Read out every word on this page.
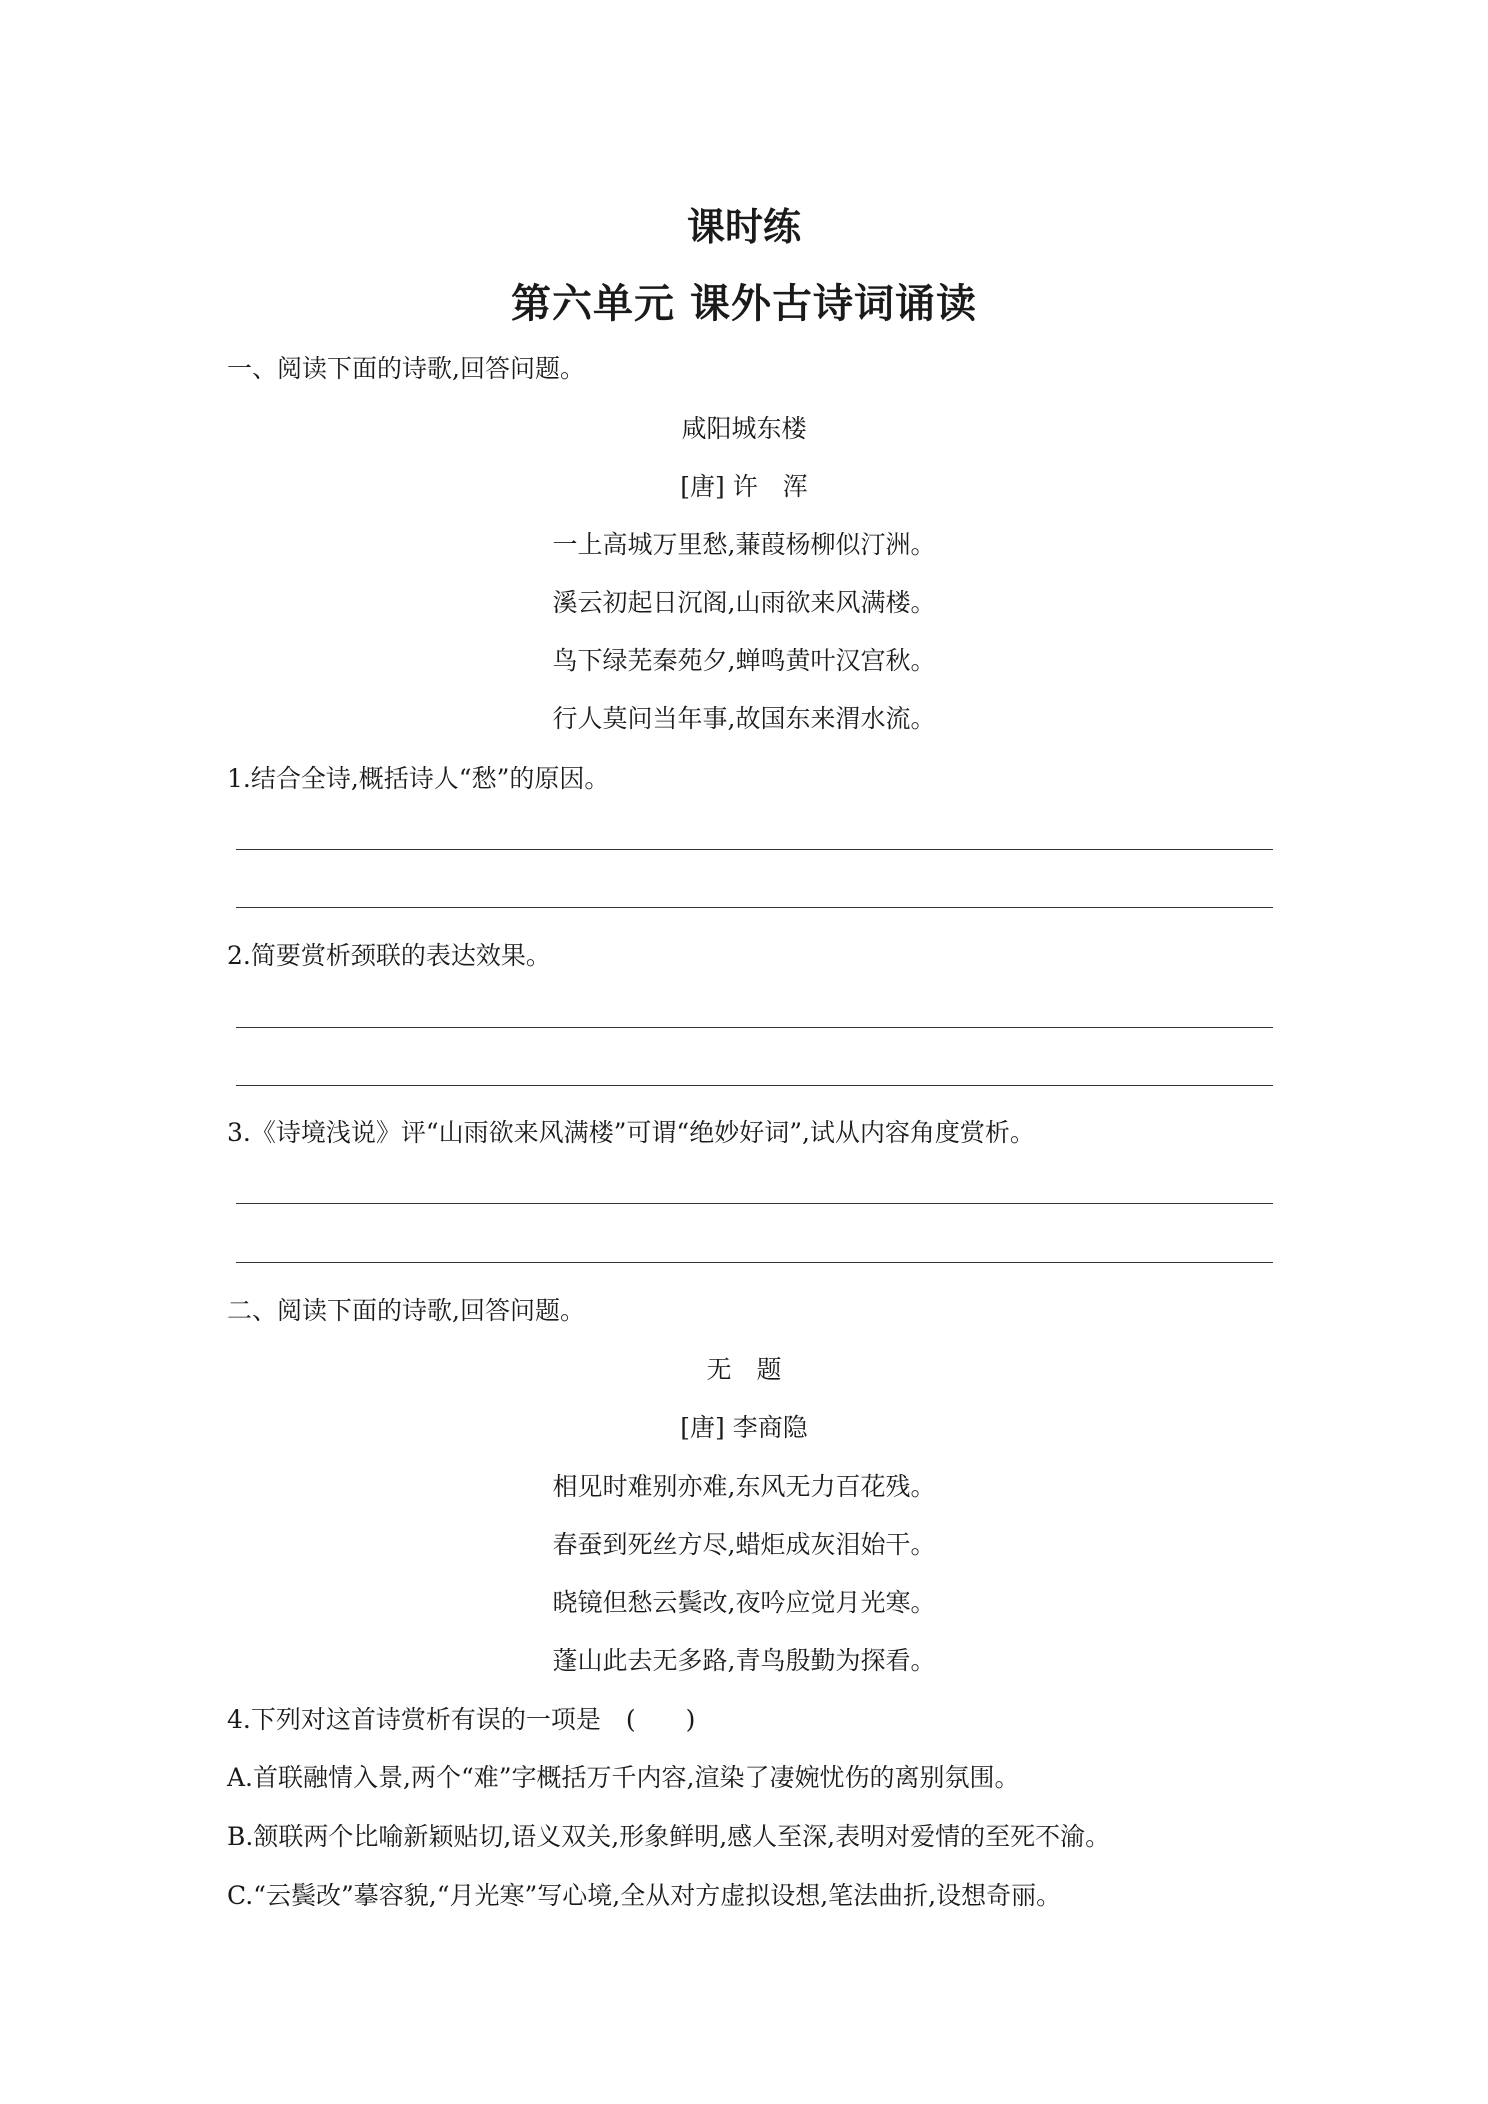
课时练
第六单元 课外古诗词诵读
一、阅读下面的诗歌,回答问题。
咸阳城东楼
[唐] 许　浑
一上高城万里愁,蒹葭杨柳似汀洲。
溪云初起日沉阁,山雨欲来风满楼。
鸟下绿芜秦苑夕,蝉鸣黄叶汉宫秋。
行人莫问当年事,故国东来渭水流。
1.结合全诗,概括诗人“愁”的原因。
2.简要赏析颈联的表达效果。
3.《诗境浅说》评“山雨欲来风满楼”可谓“绝妙好词”,试从内容角度赏析。
二、阅读下面的诗歌,回答问题。
无　题
[唐] 李商隐
相见时难别亦难,东风无力百花残。
春蚕到死丝方尽,蜡炬成灰泪始干。
晓镜但愁云鬓改,夜吟应觉月光寒。
蓬山此去无多路,青鸟殷勤为探看。
4.下列对这首诗赏析有误的一项是　(　　)
A.首联融情入景,两个“难”字概括万千内容,渲染了凄婉忧伤的离别氛围。
B.颔联两个比喻新颖贴切,语义双关,形象鲜明,感人至深,表明对爱情的至死不渝。
C.“云鬓改”摹容貌,“月光寒”写心境,全从对方虚拟设想,笔法曲折,设想奇丽。
